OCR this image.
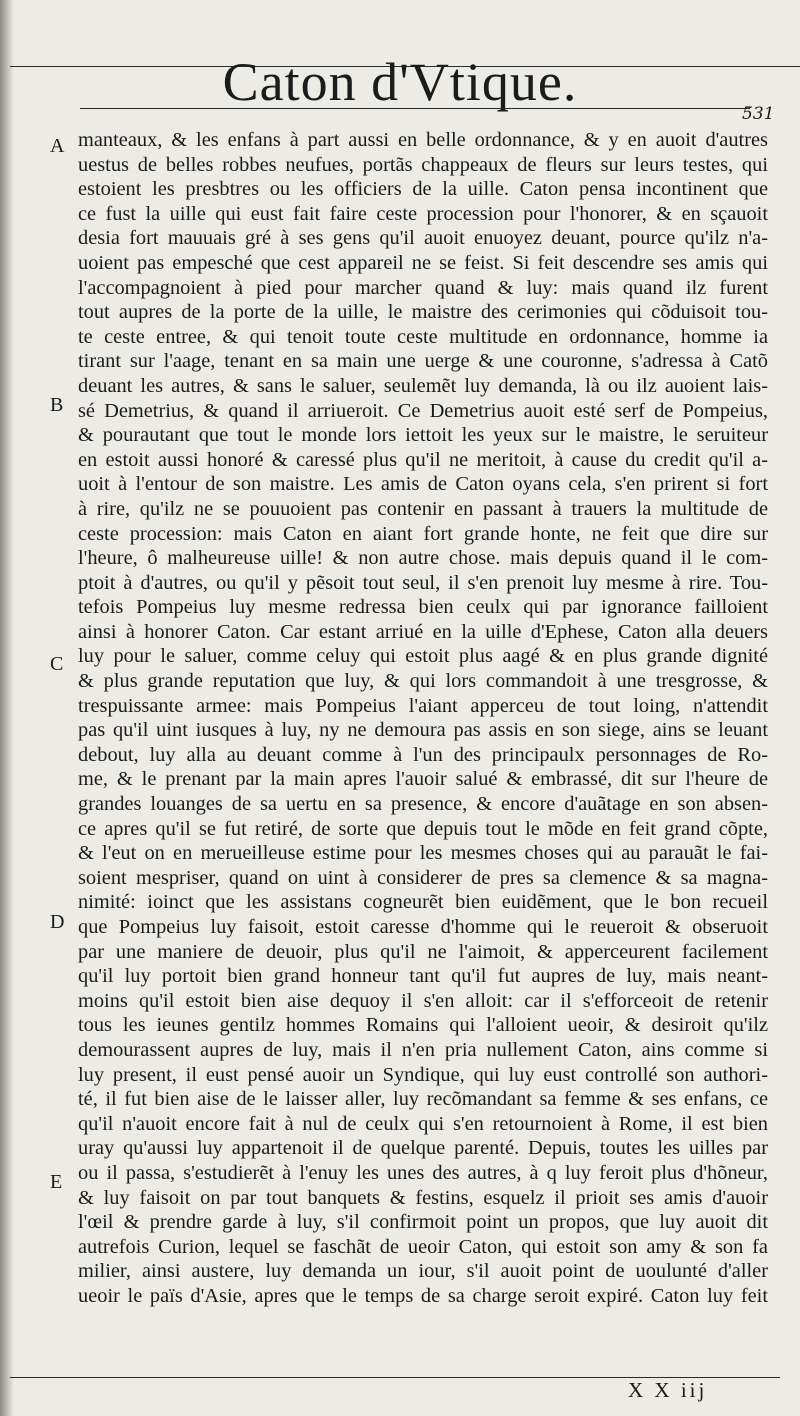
Caton d'Vtique.
531
A
B
C
D
E
manteaux, & les enfans à part aussi en belle ordonnance, & y en auoit d'autres
uestus de belles robbes neufues, portãs chappeaux de fleurs sur leurs testes, qui
estoient les presbtres ou les officiers de la uille. Caton pensa incontinent que
ce fust la uille qui eust fait faire ceste procession pour l'honorer, & en sçauoit
desia fort mauuais gré à ses gens qu'il auoit enuoyez deuant, pource qu'ilz n'a-
uoient pas empesché que cest appareil ne se feist. Si feit descendre ses amis qui
l'accompagnoient à pied pour marcher quand & luy: mais quand ilz furent
tout aupres de la porte de la uille, le maistre des cerimonies qui cõduisoit tou-
te ceste entree, & qui tenoit toute ceste multitude en ordonnance, homme ia
tirant sur l'aage, tenant en sa main une uerge & une couronne, s'adressa à Catõ
deuant les autres, & sans le saluer, seulemẽt luy demanda, là ou ilz auoient lais-
sé Demetrius, & quand il arriueroit. Ce Demetrius auoit esté serf de Pompeius,
& pourautant que tout le monde lors iettoit les yeux sur le maistre, le seruiteur
en estoit aussi honoré & caressé plus qu'il ne meritoit, à cause du credit qu'il a-
uoit à l'entour de son maistre. Les amis de Caton oyans cela, s'en prirent si fort
à rire, qu'ilz ne se pouuoient pas contenir en passant à trauers la multitude de
ceste procession: mais Caton en aiant fort grande honte, ne feit que dire sur
l'heure, ô malheureuse uille! & non autre chose. mais depuis quand il le com-
ptoit à d'autres, ou qu'il y pẽsoit tout seul, il s'en prenoit luy mesme à rire. Tou-
tefois Pompeius luy mesme redressa bien ceulx qui par ignorance failloient
ainsi à honorer Caton. Car estant arriué en la uille d'Ephese, Caton alla deuers
luy pour le saluer, comme celuy qui estoit plus aagé & en plus grande dignité
& plus grande reputation que luy, & qui lors commandoit à une tresgrosse, &
trespuissante armee: mais Pompeius l'aiant apperceu de tout loing, n'attendit
pas qu'il uint iusques à luy, ny ne demoura pas assis en son siege, ains se leuant
debout, luy alla au deuant comme à l'un des principaulx personnages de Ro-
me, & le prenant par la main apres l'auoir salué & embrassé, dit sur l'heure de
grandes louanges de sa uertu en sa presence, & encore d'auãtage en son absen-
ce apres qu'il se fut retiré, de sorte que depuis tout le mõde en feit grand cõpte,
& l'eut on en merueilleuse estime pour les mesmes choses qui au parauãt le fai-
soient mespriser, quand on uint à considerer de pres sa clemence & sa magna-
nimité: ioinct que les assistans cogneurẽt bien euidẽment, que le bon recueil
que Pompeius luy faisoit, estoit caresse d'homme qui le reueroit & obseruoit
par une maniere de deuoir, plus qu'il ne l'aimoit, & apperceurent facilement
qu'il luy portoit bien grand honneur tant qu'il fut aupres de luy, mais neant-
moins qu'il estoit bien aise dequoy il s'en alloit: car il s'efforceoit de retenir
tous les ieunes gentilz hommes Romains qui l'alloient ueoir, & desiroit qu'ilz
demourassent aupres de luy, mais il n'en pria nullement Caton, ains comme si
luy present, il eust pensé auoir un Syndique, qui luy eust controllé son authori-
té, il fut bien aise de le laisser aller, luy recõmandant sa femme & ses enfans, ce
qu'il n'auoit encore fait à nul de ceulx qui s'en retournoient à Rome, il est bien
uray qu'aussi luy appartenoit il de quelque parenté. Depuis, toutes les uilles par
ou il passa, s'estudierẽt à l'enuy les unes des autres, à q luy feroit plus d'hõneur,
& luy faisoit on par tout banquets & festins, esquelz il prioit ses amis d'auoir
l'œil & prendre garde à luy, s'il confirmoit point un propos, que luy auoit dit
autrefois Curion, lequel se faschãt de ueoir Caton, qui estoit son amy & son fa
milier, ainsi austere, luy demanda un iour, s'il auoit point de uoulunté d'aller
ueoir le païs d'Asie, apres que le temps de sa charge seroit expiré. Caton luy feit
X X iij
